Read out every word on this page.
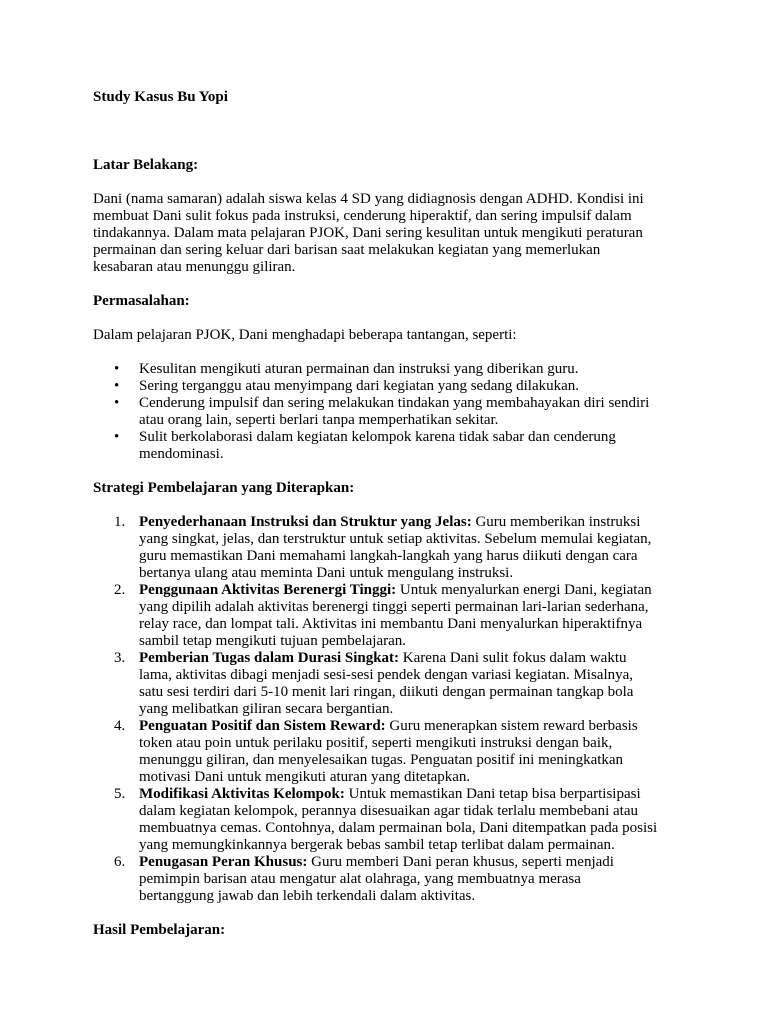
Study Kasus Bu Yopi
Latar Belakang:

Dani (nama samaran) adalah siswa kelas 4 SD yang didiagnosis dengan ADHD. Kondisi ini
membuat Dani sulit fokus pada instruksi, cenderung hiperaktif, dan sering impulsif dalam
tindakannya. Dalam mata pelajaran PJOK, Dani sering kesulitan untuk mengikuti peraturan
permainan dan sering keluar dari barisan saat melakukan kegiatan yang memerlukan
kesabaran atau menunggu giliran.

Permasalahan:

Dalam pelajaran PJOK, Dani menghadapi beberapa tantangan, seperti:

• Kesulitan mengikuti aturan permainan dan instruksi yang diberikan guru.
• Sering terganggu atau menyimpang dari kegiatan yang sedang dilakukan.
• Cenderung impulsif dan sering melakukan tindakan yang membahayakan diri sendiri
atau orang lain, seperti berlari tanpa memperhatikan sekitar.
• Sulit berkolaborasi dalam kegiatan kelompok karena tidak sabar dan cenderung
mendominasi.
Strategi Pembelajaran yang Diterapkan:
1. Penyederhanaan Instruksi dan Struktur yang Jelas: Guru memberikan instruksi
yang singkat, jelas, dan terstruktur untuk setiap aktivitas. Sebelum memulai kegiatan,
guru memastikan Dani memahami langkah-langkah yang harus diikuti dengan cara
bertanya ulang atau meminta Dani untuk mengulang instruksi.
2. Penggunaan Aktivitas Berenergi Tinggi: Untuk menyalurkan energi Dani, kegiatan
yang dipilih adalah aktivitas berenergi tinggi seperti permainan lari-larian sederhana,
relay race, dan lompat tali. Aktivitas ini membantu Dani menyalurkan hiperaktifnya
sambil tetap mengikuti tujuan pembelajaran.
3. Pemberian Tugas dalam Durasi Singkat: Karena Dani sulit fokus dalam waktu
lama, aktivitas dibagi menjadi sesi-sesi pendek dengan variasi kegiatan. Misalnya,
satu sesi terdiri dari 5-10 menit lari ringan, diikuti dengan permainan tangkap bola
yang melibatkan giliran secara bergantian.
4. Penguatan Positif dan Sistem Reward: Guru menerapkan sistem reward berbasis
token atau poin untuk perilaku positif, seperti mengikuti instruksi dengan baik,
menunggu giliran, dan menyelesaikan tugas. Penguatan positif ini meningkatkan
motivasi Dani untuk mengikuti aturan yang ditetapkan.
5. Modifikasi Aktivitas Kelompok: Untuk memastikan Dani tetap bisa berpartisipasi
dalam kegiatan kelompok, perannya disesuaikan agar tidak terlalu membebani atau
membuatnya cemas. Contohnya, dalam permainan bola, Dani ditempatkan pada posisi
yang memungkinkannya bergerak bebas sambil tetap terlibat dalam permainan.
6. Penugasan Peran Khusus: Guru memberi Dani peran khusus, seperti menjadi
pemimpin barisan atau mengatur alat olahraga, yang membuatnya merasa
bertanggung jawab dan lebih terkendali dalam aktivitas.
Hasil Pembelajaran:
